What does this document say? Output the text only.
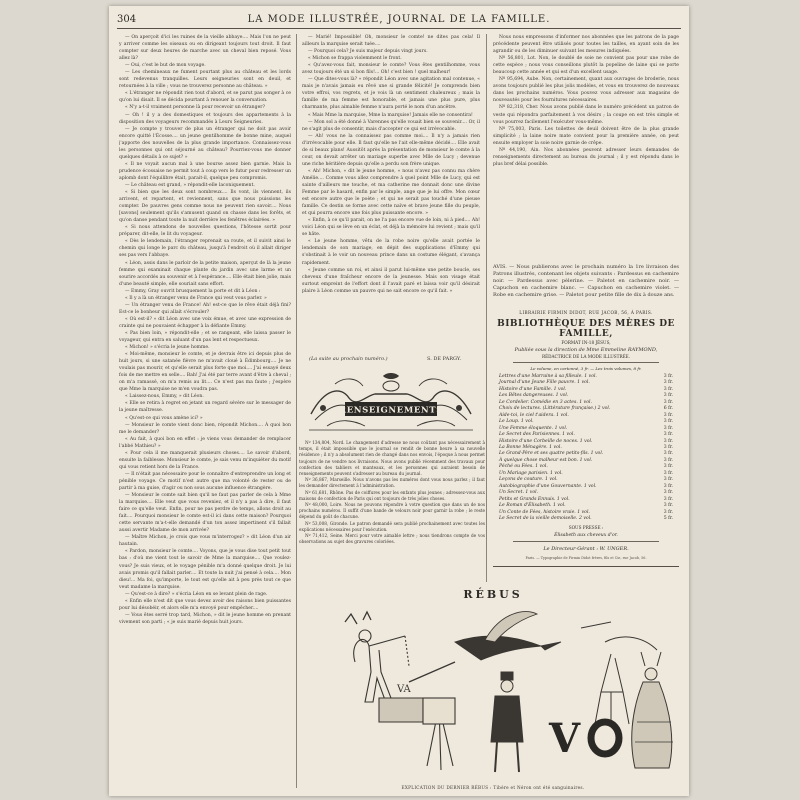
304	LA MODE ILLUSTRÉE, JOURNAL DE LA FAMILLE.

— On aperçoit d'ici les ruines de la vieille abbaye.... Mais l'on ne peut y arriver comme les oiseaux ou en dirigeant toujours tout droit. Il faut compter sur deux heures de marche avec un cheval bien reposé. Vous allez là?

— Oui, c'est le but de mon voyage.

— Les chemineaux ne fument pourtant plus au château et les lords sont redevenus tranquilles. Leurs seigneuries sont en deuil, et retournées à la ville ; vous ne trouverez personne au château. »

« L'étranger ne répondit rien tout d'abord, et se parut pas songer à ce qu'on lui disait. Il se décida pourtant à renouer la conversation.

« N'y a-t-il vraiment personne là pour recevoir un étranger?

— Oh ! il y a des domestiques et toujours des appartements à la disposition des voyageurs recommandés à Leurs Seigneuries.

— Je compte y trouver de plus un étranger qui ne doit pas avoir encore quitté l'Écosse.... un jeune gentilhomme de bonne mine, auquel j'apporte des nouvelles de la plus grande importance. Connaissez-vous les personnes qui ont séjourné au château? Pourriez-vous me donner quelques détails à ce sujet? »

« Il ne voyait aucun mal à une bourse assez bien garnie. Mais la prudence écossaise ne permit tout à coup vers le futur pour redresser un aplomb dont l'équilibre était, parait-il, quelque peu compromis.

— Le château est grand, » répondit-elle laconiquement.

« Si bien que les deux sont nombreux.... Ils vont, ils viennent, ils arrivent, et repartent, et reviennent, sans que nous puissions les compter. De pauvres gens comme nous ne peuvent rien savoir.... Nous [savons] seulement qu'ils s'amusent quand on chasse dans les forêts, et qu'on danse pendant toute la nuit derrière les fenêtres éclairées. »

« Si nous attendons de nouvelles questions, l'hôtesse sortit pour préparer, dit-elle, le lit du voyageur.

« Dès le lendemain, l'étranger reprenait sa route, et il suivit ainsi le chemin qui longe le parc du château, jusqu'à l'endroit où il allait diriger ses pas vers l'abbaye.

« Léon, assis dans le parloir de la petite maison, aperçut de là la jeune femme qui examinait chaque plante du jardin avec une larme et un sourire accordés au souvenir et à l'espérance.... Elle était bien jolie, mais d'une beauté simple, elle souriait sans effort.

— Emmy, Gray ouvrit brusquement la porte et dit à Léon :

« Il y a là un étranger venu de France qui veut vous parler. »

— Un étranger venu de France! Ah! est-ce que le rêve était déjà fini? Est-ce le bonheur qui allait s'écrouler?

« Où est-il? » dit Léon avec une voix émue, et avec une expression de crainte qui ne pouvaient échapper à la défiante Emmy.

« Pas bien loin, » répondit-elle ; et se rangeant, elle laissa passer le voyageur, qui entra en saluant d'un pas lent et respectueux.

« Michon! » s'écria le jeune homme.

« Moi-même, monsieur le comte, et je devrais être ici depuis plus de huit jours, si une satanée fièvre ne m'avait cloué à Édimbourg.... Je ne voulais pas mourir, et qu'elle serait plus forte que moi.... J'ai essayé deux fois de me mettre en selle.... Bah! J'ai été par terre avant d'être à cheval ; on m'a ramassé, on m'a remis au lit.... Ce n'est pas ma faute ; j'espère que Mme la marquise ne m'en voudra pas.

« Laissez-nous, Emmy, » dit Léon.

« Elle se retira à regret en jetant un regard sévère sur le messager de la jeune maîtresse.

« Qu'est-ce qui vous amène ici? »

— Monsieur le comte vient donc bien, répondit Michon.... À quoi bon me le demander?

« Au fait, à quoi bon en effet : je viens vous demander de remplacer l'abbé Mathieu? »

« Pour cela il me manquerait plusieurs choses.... Le savoir d'abord, ensuite la faiblesse. Monsieur le comte, je sais venu m'inquiéter du motif qui vous retient hors de la France.

— Il n'était pas nécessaire pour le connaître d'entreprendre un long et pénible voyage. Ce motif n'est autre que ma volonté de rester ou de partir à ma guise, d'agir ou non sous aucune influence étrangère.

— Monsieur le comte sait bien qu'il ne faut pas parler de cela à Mme la marquise.... Elle veut que vous reveniez, et il n'y a pas à dire, il faut faire ce qu'elle veut. Enfin, pour ne pas perdre de temps, allons droit au fait.... Pourquoi monsieur le comte est-il ici dans cette maison? Pourquoi cette servante m'a-t-elle demandé d'un ton assez impertinent s'il fallait aussi avertir Madame de mon arrivée?

— Maître Michon, je crois que vous m'interrogez? » dit Léon d'un air hautain.

« Pardon, monsieur le comte.... Voyons, que je vous dise tout petit tout bas : d'où me vient tout le savoir de Mme la marquise.... Que voulez-vous? Je suis vieux, et le voyage pénible m'a donné quelque droit. Je lui avais promis qu'il fallait parler.... Et toute la nuit j'ai pensé à cela.... Mon dieu!... Ma foi, qu'importe, le tout est qu'elle ait à peu près tout ce que veut madame la marquise.

— Qu'est-ce à dire? » s'écria Léon en se levant plein de rage.

« Enfin elle n'est dit que vous devez avoir des raisons bien puissantes pour lui désobéir, et alors elle m'a envoyé pour empêcher....

— Vous êtes serré trop tard, Michon, » dit le jeune homme en prenant vivement son parti ; « je suis marié depuis huit jours.

— Marié! Impossible! Oh, monsieur le comte! ne dites pas cela! Il ailleurs la marquise serait tuée....

— Pourquoi cela? Je suis majeur depuis vingt jours.

« Michon se frappa violemment le front.

« Qu'avez-vous fait, monsieur le comte? Vous êtes gentilhomme, vous avez toujours été un si bon fils!... Oh! c'est bien ! quel malheur!

— Que dites-vous là? » répondit Léon avec une agitation mal contenue, « mais je n'avais jamais eu rêvé une si grande félicité! Je comprends bien votre effroi, vos regrets, et je vois là un sentiment chaleureux ; mais la famille de ma femme est honorable, et jamais une plus pure, plus charmante, plus aimable femme n'aura porté le nom d'un ancêtre.

« Mais Mme la marquise, Mme la marquise! Jamais elle ne consentira!

— Mon sol a été donné à Varennes qu'elle vouait bien se souvenir.... Or, il ne s'agit plus de consentir, mais d'accepter ce qui est irrévocable.

— Ah! vous ne la connaissez pas comme moi.... Il n'y a jamais rien d'irrévocable pour elle. Il faut qu'elle ne l'ait elle-même décidé.... Elle avait de si beaux plans! Aussitôt après la présentation de monsieur le comte à la cour, on devait arrêter un mariage superbe avec Mlle de Lucy ; devenue une riche héritière depuis qu'elle a perdu son frère unique.

« Ah! Michon, » dit le jeune homme, « nous n'avez pas connu ma chère Amélie.... Comme vous allez comprendre à quel point Mlle de Lucy, qui est sainte d'ailleurs me touche, et ma catherine me donnait donc une divine Femme par le hasard, enfin par le simple, ange que je lui offre. Mon cœur est encore autre que le poète ; et qui ne serait pas touché d'une pieuse famille. Ce destin se forme avec cette naïve et brave jeune fille du peuple, et qui pourra encore une fois plus puissante encore. »

« Enfin, à ce qu'il parait, on ne l'a pas encore vue de loin, ni à pied.... Ah! voici Léon qui se lève en un éclat, et déjà la mémoire lui revient ; mais qu'il se hâte.

« Le jeune homme, vêtu de la robe noire qu'elle avait portée le lendemain de son mariage, en dépit des supplications d'Emmy qui s'obstinait à le voir un nouveau prince dans un costume élégant, s'avança rapidement.

« Jeune comme un roi, et ainsi il parut lui-même une petite boucle, ses cheveux d'une fraîcheur encore de la jeunesse. Mais son visage était surtout empreint de l'effort dont il l'avait paré et laissa voir qu'il désirait plaire à Léon comme un pauvre qui ne sait encore ce qu'il fait. »

(La suite au prochain numéro.)	S. DE PARGY.
RENSEIGNEMENTS

Nº 134,804, Nord. Le changement d'adresse ne nous coûtant pas nécessairement à temps, il était impossible que le journal se rendit de bonne heure à sa nouvelle résidence ; il n'y a absolument rien de changé dans nos envois, l'époque à nous permet toujours de ne vendre nos livraisons. Nous avons publié récemment des travaux pour confection des tabliers et manteaux, et les personnes qui auraient besoin de renseignements peuvent s'adresser au bureau du journal.

Nº 36,867, Marseille. Nous n'avons pas les numéros dont vous nous parlez ; il faut les demander directement à l'administration.

Nº 61,681, Rhône. Pas de coiffures pour les enfants plus jeunes ; adressez-vous aux maisons de confection de Paris qui ont toujours de très jolies choses.

Nº 48,000, Loire. Nous ne pouvons répondre à votre question que dans un de nos prochains numéros. Il suffit d'une bande de velours noir pour garnir la robe ; le reste dépend du goût de chacune.

Nº 53,008, Gironde. Le patron demandé sera publié prochainement avec toutes les explications nécessaires pour l'exécution.

Nº 71,412, Seine. Merci pour votre aimable lettre ; nous tiendrons compte de vos observations au sujet des gravures coloriées.

Nous nous empressons d'informer nos abonnées que les patrons de la page précédente peuvent être utilisés pour toutes les tailles, en ayant soin de les agrandir ou de les diminuer suivant les mesures indiquées.

Nº 56,801, Lot. Non, le doublé de soie ne convient pas pour une robe de cette espèce ; nous vous conseillons plutôt la popeline de laine qui se porte beaucoup cette année et qui est d'un excellent usage.

Nº 95,694, Aube. Non, certainement, quant aux ouvrages de broderie, nous avons toujours publié les plus jolis modèles, et vous en trouverez de nouveaux dans les prochains numéros. Vous pouvez vous adresser aux magasins de nouveautés pour les fournitures nécessaires.

Nº 82,318, Cher. Nous avons publié dans le numéro précédent un patron de veste qui répondra parfaitement à vos désirs ; la coupe en est très simple et vous pourrez facilement l'exécuter vous-même.

Nº 75,003, Paris. Les toilettes de deuil doivent être de la plus grande simplicité ; la laine noire mate convient pour la première année, on peut ensuite employer la soie noire garnie de crêpe.

Nº 44,190, Ain. Nos abonnées peuvent adresser leurs demandes de renseignements directement au bureau du journal ; il y est répondu dans le plus bref délai possible.

AVIS. — Nous publierons avec le prochain numéro la 1re livraison des Patrons illustrés, contenant les objets suivants : Pardessus en cachemire noir. — Pardessus avec pèlerine. — Paletot en cachemire noir. — Capuchon en cachemire blanc. — Capuchon en cachemire violet. — Robe en cachemire grise. — Paletot pour petite fille de dix à douze ans.
LIBRAIRIE FIRMIN DIDOT, RUE JACOB, 56, À PARIS.
BIBLIOTHÈQUE DES MÈRES DE FAMILLE,
FORMAT IN-18 JÉSUS,
Publiée sous la direction de Mme Emmeline RAYMOND,
RÉDACTRICE DE LA MODE ILLUSTRÉE.
Le volume, en cartonné, 3 fr. — Les trois volumes, 8 fr.
Lettres d'une Marraine à sa filleule. 1 vol.	3 fr.
Journal d'une Jeune Fille pauvre. 1 vol.	3 fr.
Histoire d'une Famille. 1 vol.	3 fr.
Les Bêtes dangereuses. 1 vol.	3 fr.
Le Cordelier. Comédie en 3 actes. 1 vol.	3 fr.
Choix de lectures. (Littérature française.) 2 vol.	6 fr.
Aide-toi, le ciel t'aidera. 1 vol.	3 fr.
Le Loup. 1 vol.	3 fr.
Une Femme éloquente. 1 vol.	3 fr.
Le Secret des Parisiennes. 1 vol.	3 fr.
Histoire d'une Corbeille de noces. 1 vol.	3 fr.
La Bonne Ménagère. 1 vol.	3 fr.
Le Grand-Père et ses quatre petits-fils. 1 vol.	3 fr.
À quelque chose malheur est bon. 1 vol.	3 fr.
Péché ou Fées. 1 vol.	3 fr.
Un Mariage parisien. 1 vol.	3 fr.
Leçons de couture. 1 vol.	3 fr.
Autobiographie d'une Gouvernante. 1 vol.	3 fr.
Un Secret. 1 vol.	3 fr.
Petits et Grands Ennuis. 1 vol.	3 fr.
Le Roman d'Élisabeth. 1 vol.	3 fr.
Un Conte de Fées, histoire vraie. 1 vol.	3 fr.
Le Secret de la vieille demoiselle. 2 vol.	5 fr.
SOUS PRESSE :
Élisabeth aux cheveux d'or.
Le Directeur-Gérant : W. UNGER.
Paris. — Typographie de Firmin Didot frères, fils et Cie, rue Jacob, 56.
RÉBUS
VA
V
EXPLICATION DU DERNIER RÉBUS : Tibère et Néron ont été sanguinaires.
